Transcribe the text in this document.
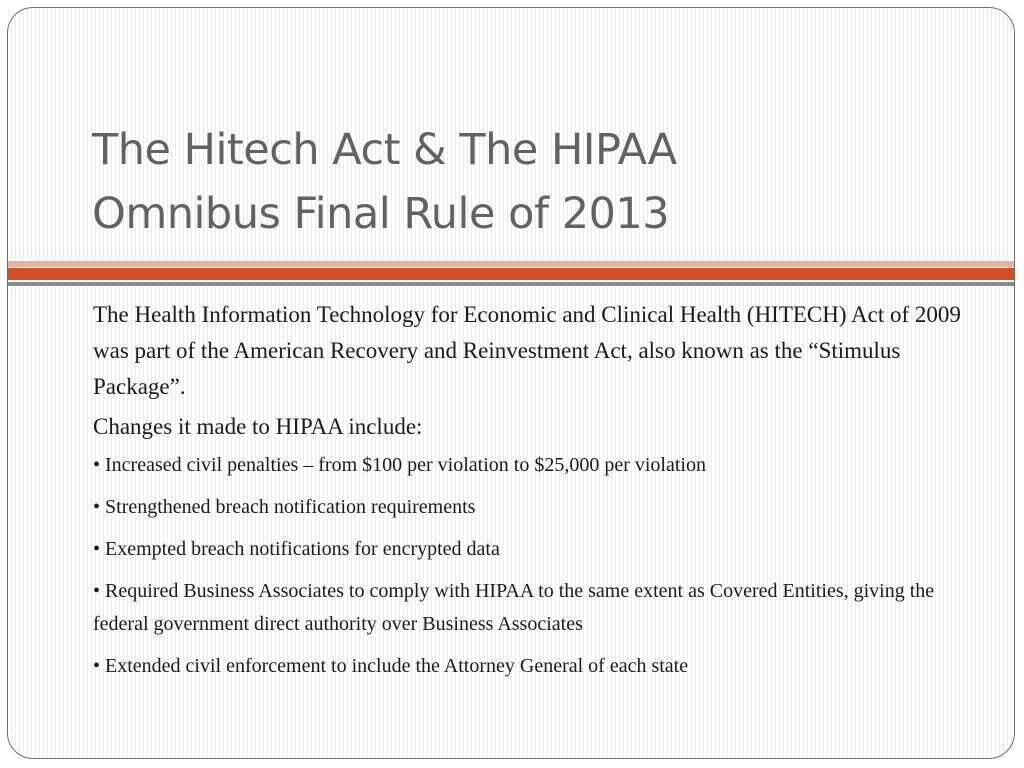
The Hitech Act & The HIPAA
Omnibus Final Rule of 2013

The Health Information Technology for Economic and Clinical Health (HITECH) Act of 2009 was part of the American Recovery and Reinvestment Act, also known as the “Stimulus Package”.

Changes it made to HIPAA include:

• Increased civil penalties – from $100 per violation to $25,000 per violation
• Strengthened breach notification requirements
• Exempted breach notifications for encrypted data
• Required Business Associates to comply with HIPAA to the same extent as Covered Entities, giving the federal government direct authority over Business Associates
• Extended civil enforcement to include the Attorney General of each state
